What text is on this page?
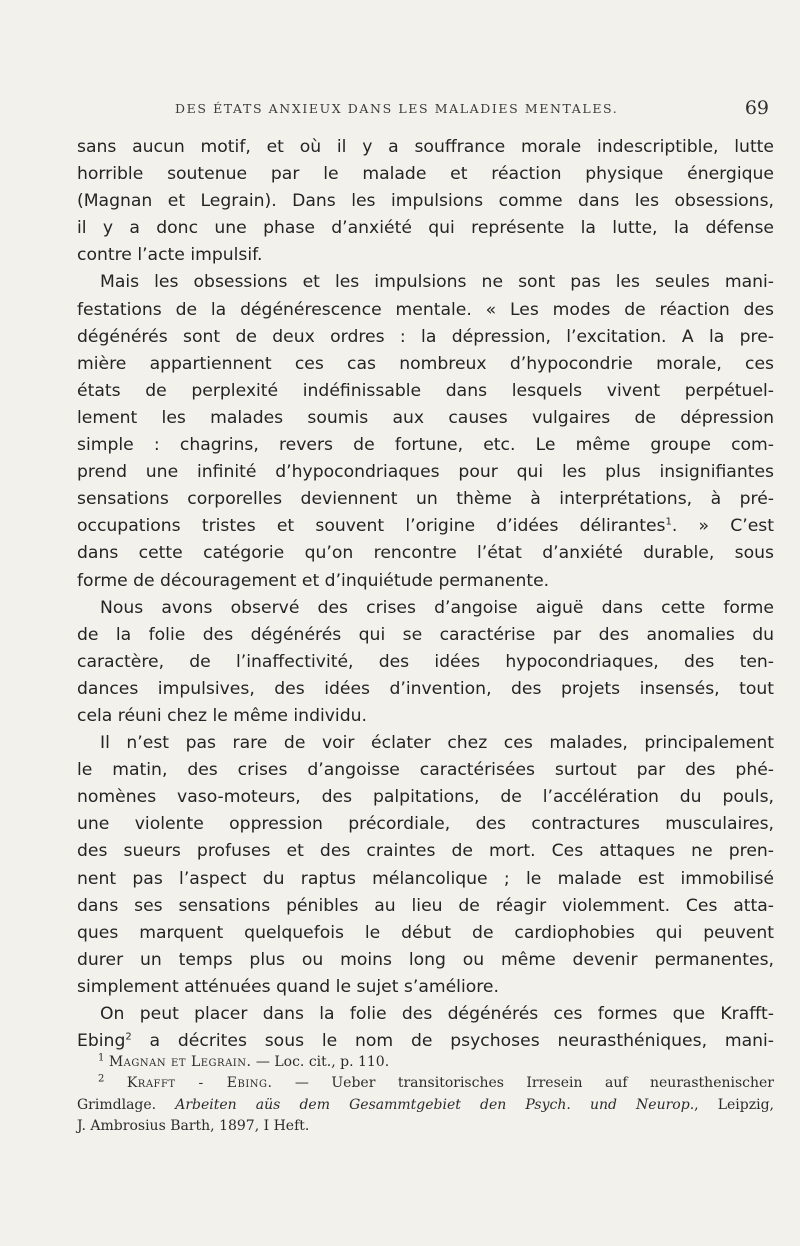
DES ÉTATS ANXIEUX DANS LES MALADIES MENTALES.	69
sans aucun motif, et où il y a souffrance morale indescriptible, lutte
horrible soutenue par le malade et réaction physique énergique
(Magnan et Legrain). Dans les impulsions comme dans les obsessions,
il y a donc une phase d’anxiété qui représente la lutte, la défense
contre l’acte impulsif.
Mais les obsessions et les impulsions ne sont pas les seules mani-
festations de la dégénérescence mentale. « Les modes de réaction des
dégénérés sont de deux ordres : la dépression, l’excitation. A la pre-
mière appartiennent ces cas nombreux d’hypocondrie morale, ces
états de perplexité indéfinissable dans lesquels vivent perpétuel-
lement les malades soumis aux causes vulgaires de dépression
simple : chagrins, revers de fortune, etc. Le même groupe com-
prend une infinité d’hypocondriaques pour qui les plus insignifiantes
sensations corporelles deviennent un thème à interprétations, à pré-
occupations tristes et souvent l’origine d’idées délirantes$^1$. » C’est
dans cette catégorie qu’on rencontre l’état d’anxiété durable, sous
forme de découragement et d’inquiétude permanente.
Nous avons observé des crises d’angoise aiguë dans cette forme
de la folie des dégénérés qui se caractérise par des anomalies du
caractère, de l’inaffectivité, des idées hypocondriaques, des ten-
dances impulsives, des idées d’invention, des projets insensés, tout
cela réuni chez le même individu.
Il n’est pas rare de voir éclater chez ces malades, principalement
le matin, des crises d’angoisse caractérisées surtout par des phé-
nomènes vaso-moteurs, des palpitations, de l’accélération du pouls,
une violente oppression précordiale, des contractures musculaires,
des sueurs profuses et des craintes de mort. Ces attaques ne pren-
nent pas l’aspect du raptus mélancolique ; le malade est immobilisé
dans ses sensations pénibles au lieu de réagir violemment. Ces atta-
ques marquent quelquefois le début de cardiophobies qui peuvent
durer un temps plus ou moins long ou même devenir permanentes,
simplement atténuées quand le sujet s’améliore.
On peut placer dans la folie des dégénérés ces formes que Krafft-
Ebing$^2$ a décrites sous le nom de psychoses neurasthéniques, mani-
$^1$ Magnan et Legrain. — Loc. cit., p. 110.
$^2$ Krafft - Ebing. — Ueber transitorisches Irresein auf neurasthenischer
Grimdlage. Arbeiten aüs dem Gesammtgebiet den Psych. und Neurop., Leipzig,
J. Ambrosius Barth, 1897, I Heft.
